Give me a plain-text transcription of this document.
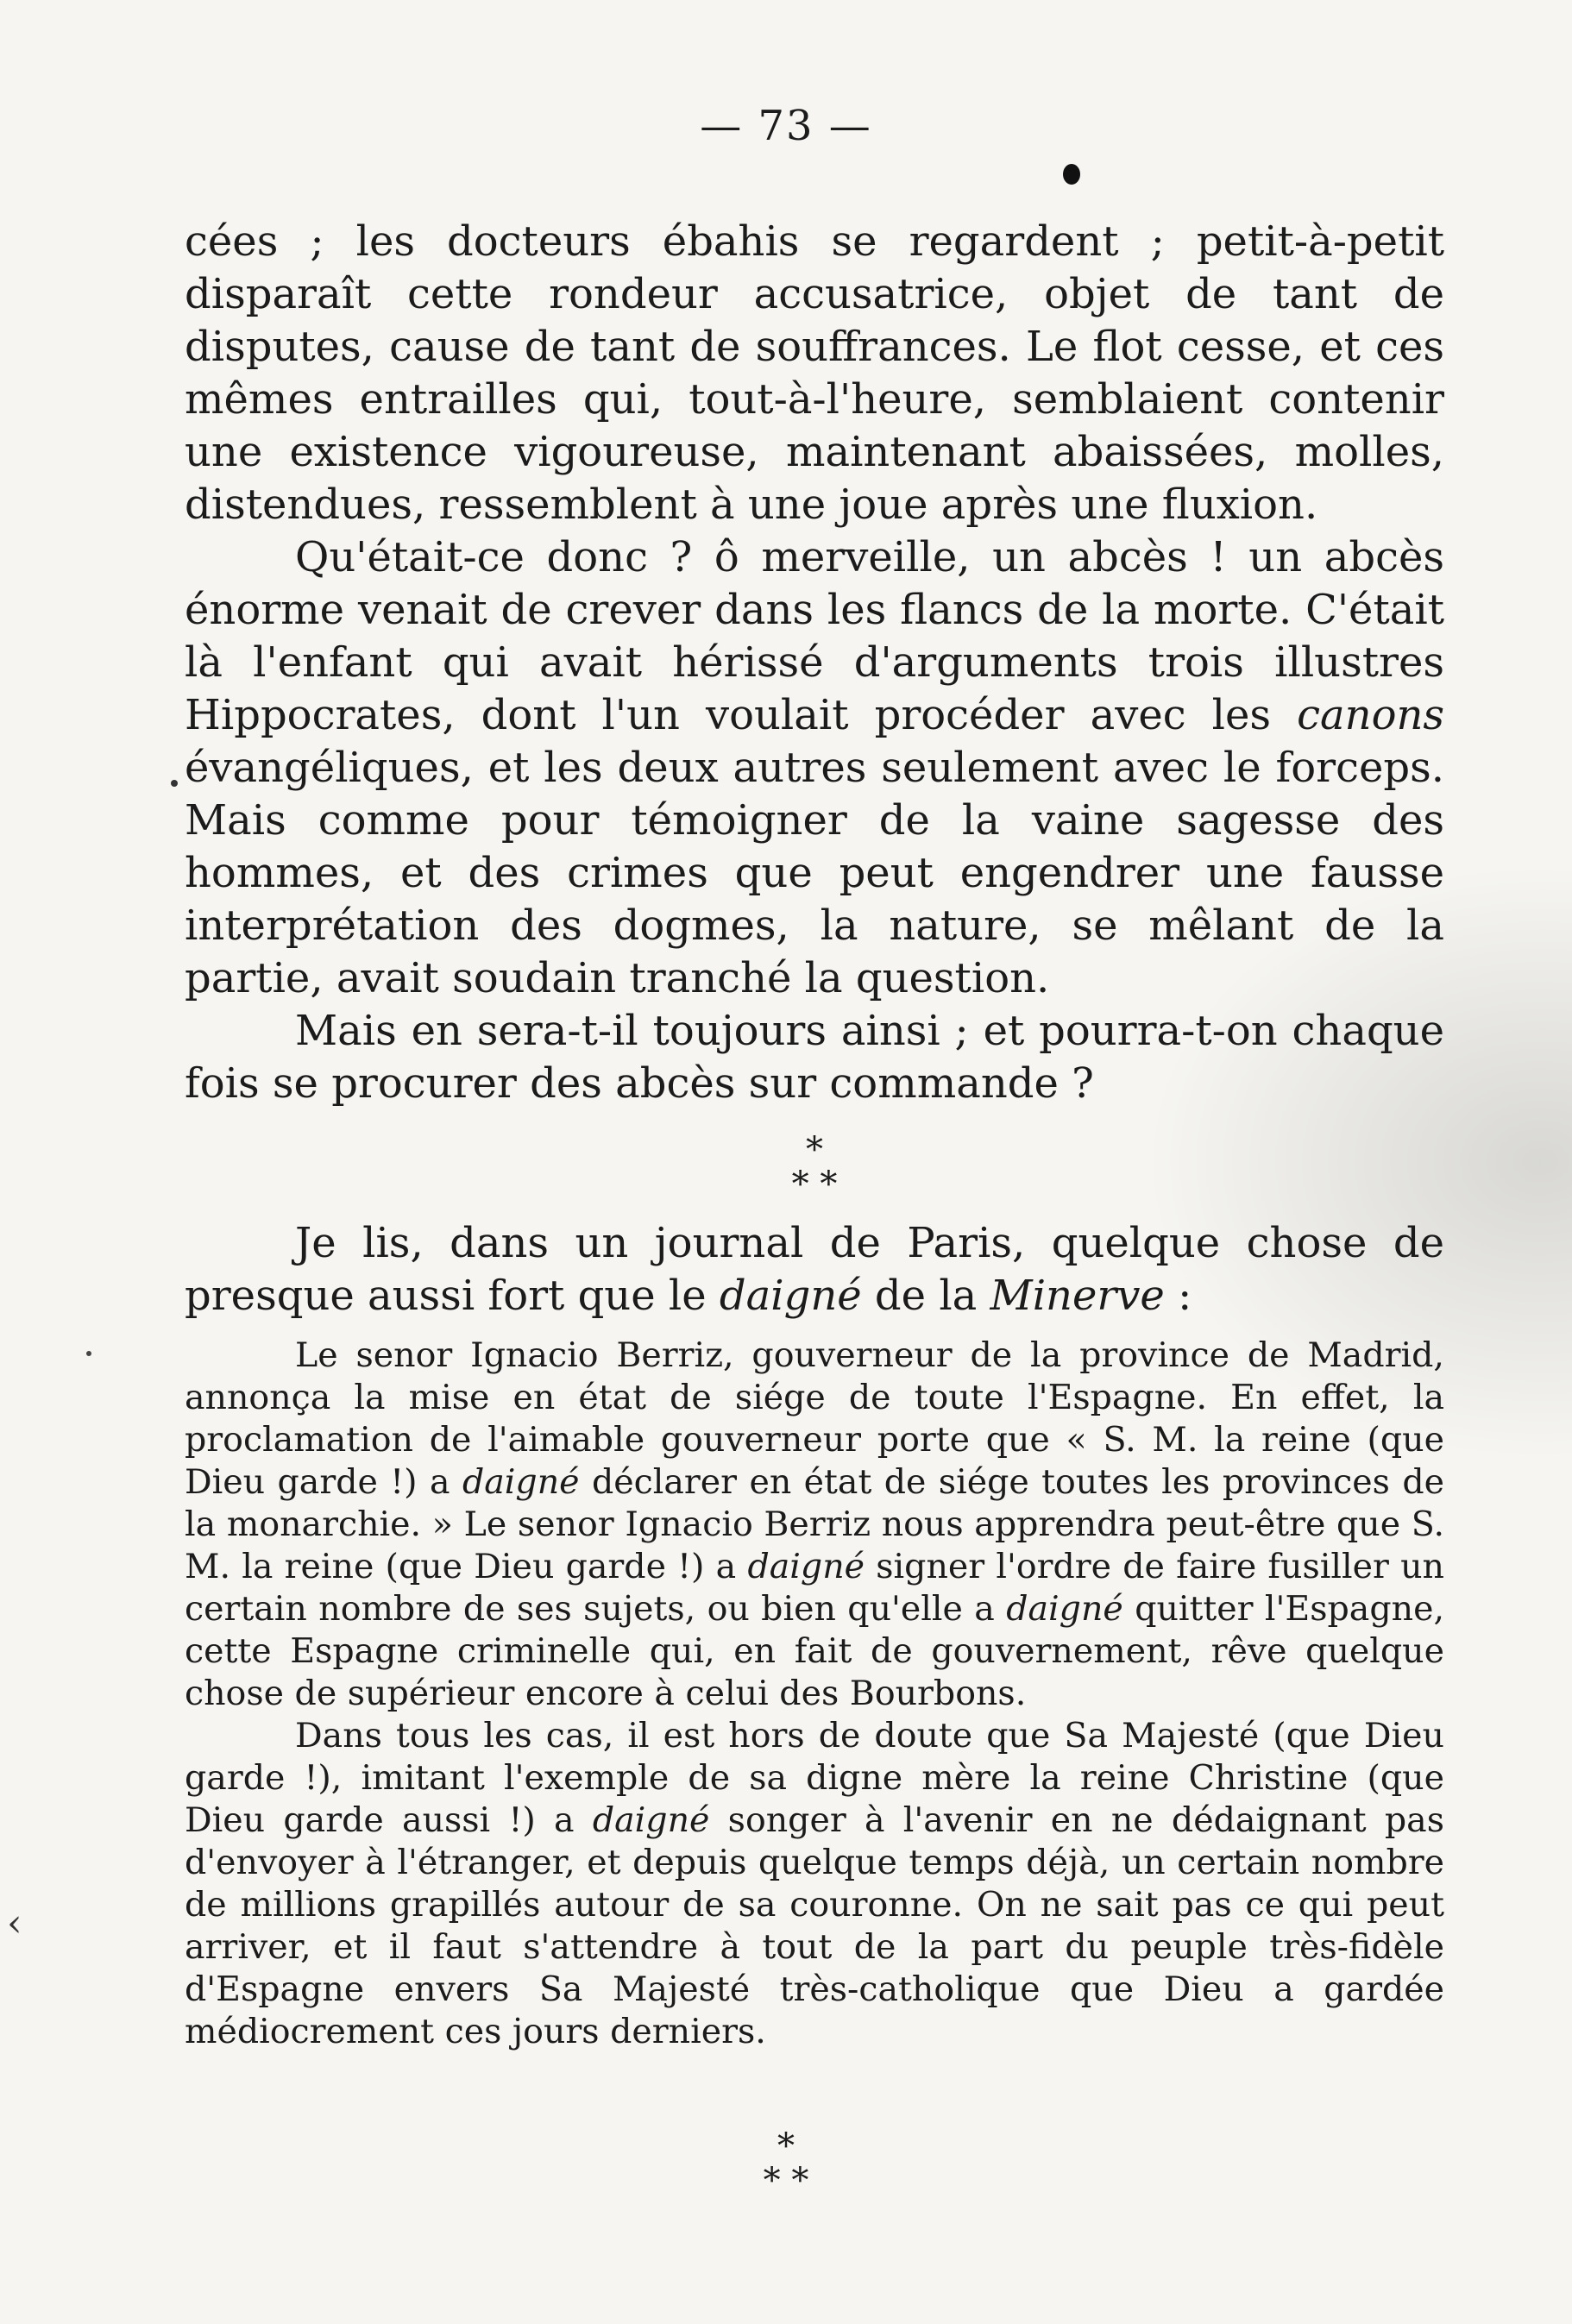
— 73 —
‹

cées ; les docteurs ébahis se regardent ; petit-à-petit disparaît cette rondeur accusatrice, objet de tant de disputes, cause de tant de souffrances. Le flot cesse, et ces mêmes entrailles qui, tout-à-l'heure, semblaient contenir une existence vigoureuse, maintenant abaissées, molles, distendues, ressemblent à une joue après une fluxion.

Qu'était-ce donc ? ô merveille, un abcès ! un abcès énorme venait de crever dans les flancs de la morte. C'était là l'enfant qui avait hérissé d'arguments trois illustres Hippocrates, dont l'un voulait procéder avec les canons évangéliques, et les deux autres seulement avec le forceps. Mais comme pour témoigner de la vaine sagesse des hommes, et des crimes que peut engendrer une fausse interprétation des dogmes, la nature, se mêlant de la partie, avait soudain tranché la question.

Mais en sera-t-il toujours ainsi ; et pourra-t-on chaque fois se procurer des abcès sur commande ?

*
* *

Je lis, dans un journal de Paris, quelque chose de presque aussi fort que le daigné de la Minerve :

Le senor Ignacio Berriz, gouverneur de la province de Madrid, annonça la mise en état de siége de toute l'Espagne. En effet, la proclamation de l'aimable gouverneur porte que « S. M. la reine (que Dieu garde !) a daigné déclarer en état de siége toutes les provinces de la monarchie. » Le senor Ignacio Berriz nous apprendra peut-être que S. M. la reine (que Dieu garde !) a daigné signer l'ordre de faire fusiller un certain nombre de ses sujets, ou bien qu'elle a daigné quitter l'Espagne, cette Espagne criminelle qui, en fait de gouvernement, rêve quelque chose de supérieur encore à celui des Bourbons.

Dans tous les cas, il est hors de doute que Sa Majesté (que Dieu garde !), imitant l'exemple de sa digne mère la reine Christine (que Dieu garde aussi !) a daigné songer à l'avenir en ne dédaignant pas d'envoyer à l'étranger, et depuis quelque temps déjà, un certain nombre de millions grapillés autour de sa couronne. On ne sait pas ce qui peut arriver, et il faut s'attendre à tout de la part du peuple très-fidèle d'Espagne envers Sa Majesté très-catholique que Dieu a gardée médiocrement ces jours derniers.

*
* *
